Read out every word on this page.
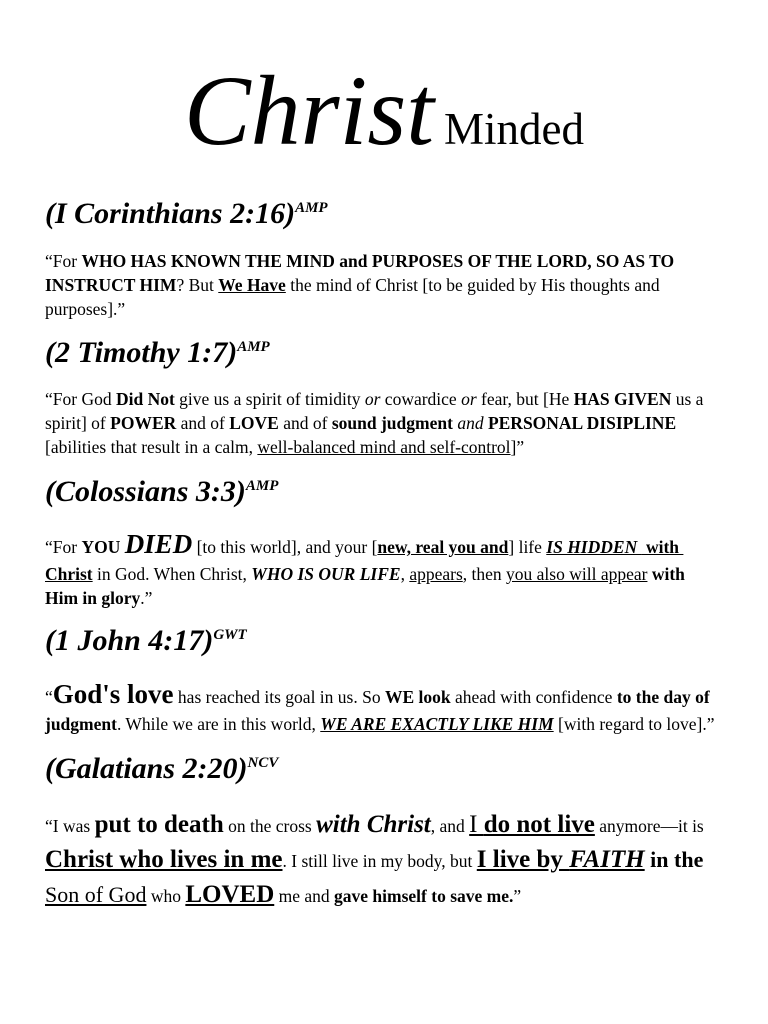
Christ Minded
(I Corinthians 2:16)$^{AMP}$
“For WHO HAS KNOWN THE MIND and PURPOSES OF THE LORD, SO AS TO
INSTRUCT HIM? But We Have the mind of Christ [to be guided by His thoughts and
purposes].”
(2 Timothy 1:7)$^{AMP}$
“For God Did Not give us a spirit of timidity or cowardice or fear, but [He HAS GIVEN us a
spirit] of POWER and of LOVE and of sound judgment and PERSONAL DISIPLINE
[abilities that result in a calm, well-balanced mind and self-control]”
(Colossians 3:3)$^{AMP}$
“For YOU DIED [to this world], and your [new, real you and] life IS HIDDEN  with
Christ in God. When Christ, WHO IS OUR LIFE, appears, then you also will appear with
Him in glory.”
(1 John 4:17)$^{GWT}$
“God's love has reached its goal in us. So WE look ahead with confidence to the day of
judgment. While we are in this world, WE ARE EXACTLY LIKE HIM [with regard to love].”
(Galatians 2:20)$^{NCV}$
“I was put to death on the cross with Christ, and I do not live anymore—it is
Christ who lives in me. I still live in my body, but I live by FAITH in the
Son of God who LOVED me and gave himself to save me.”
